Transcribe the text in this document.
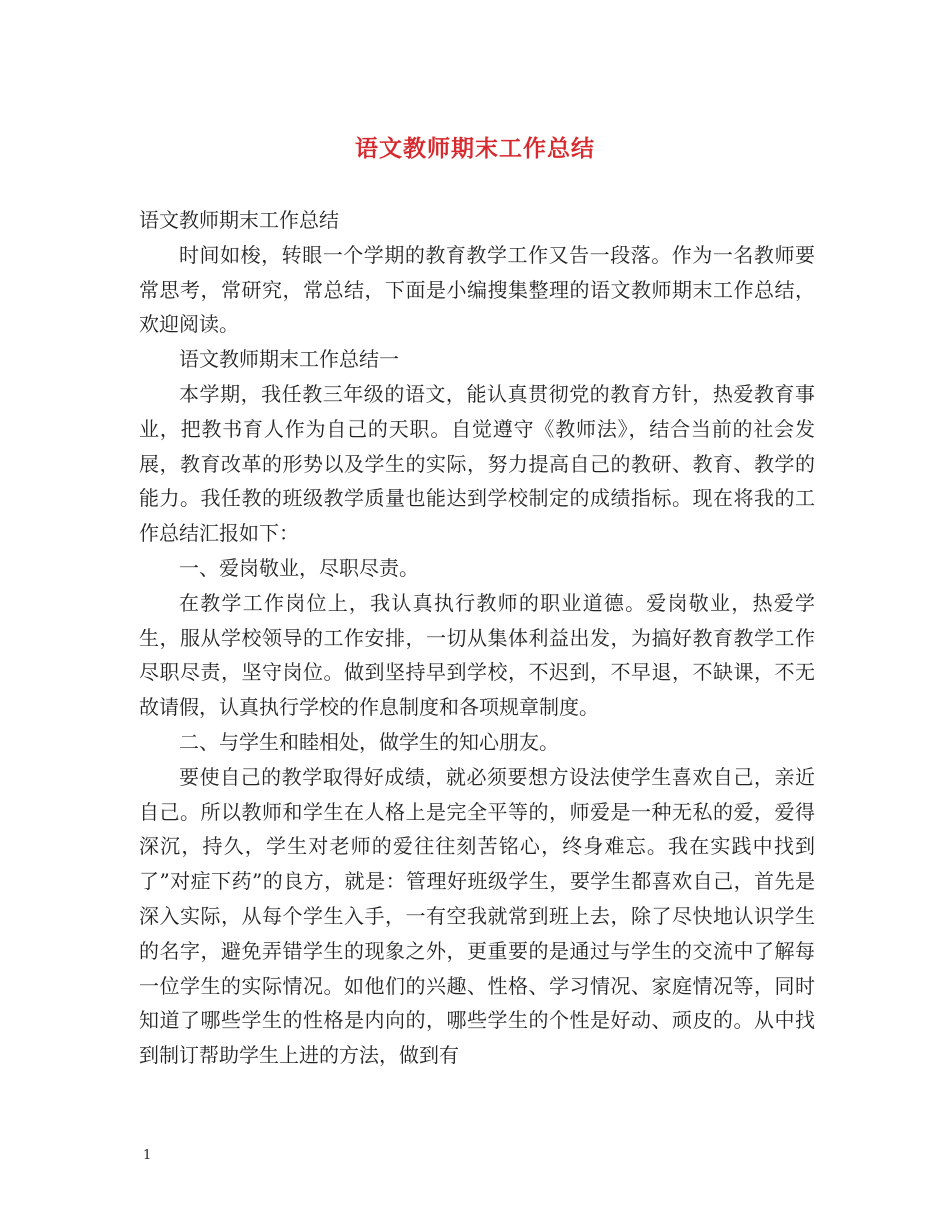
语文教师期末工作总结

语文教师期末工作总结

时间如梭，转眼一个学期的教育教学工作又告一段落。作为一名教师要常思考，常研究，常总结，下面是小编搜集整理的语文教师期末工作总结，欢迎阅读。

语文教师期末工作总结一

本学期，我任教三年级的语文，能认真贯彻党的教育方针，热爱教育事业，把教书育人作为自己的天职。自觉遵守《教师法》，结合当前的社会发展，教育改革的形势以及学生的实际，努力提高自己的教研、教育、教学的能力。我任教的班级教学质量也能达到学校制定的成绩指标。现在将我的工作总结汇报如下：

一、爱岗敬业，尽职尽责。

在教学工作岗位上，我认真执行教师的职业道德。爱岗敬业，热爱学生，服从学校领导的工作安排，一切从集体利益出发，为搞好教育教学工作尽职尽责，坚守岗位。做到坚持早到学校，不迟到，不早退，不缺课，不无故请假，认真执行学校的作息制度和各项规章制度。

二、与学生和睦相处，做学生的知心朋友。

要使自己的教学取得好成绩，就必须要想方设法使学生喜欢自己，亲近自己。所以教师和学生在人格上是完全平等的，师爱是一种无私的爱，爱得深沉，持久，学生对老师的爱往往刻苦铭心，终身难忘。我在实践中找到了”对症下药”的良方，就是：管理好班级学生，要学生都喜欢自己，首先是深入实际，从每个学生入手，一有空我就常到班上去，除了尽快地认识学生的名字，避免弄错学生的现象之外，更重要的是通过与学生的交流中了解每一位学生的实际情况。如他们的兴趣、性格、学习情况、家庭情况等，同时知道了哪些学生的性格是内向的，哪些学生的个性是好动、顽皮的。从中找到制订帮助学生上进的方法，做到有

1
